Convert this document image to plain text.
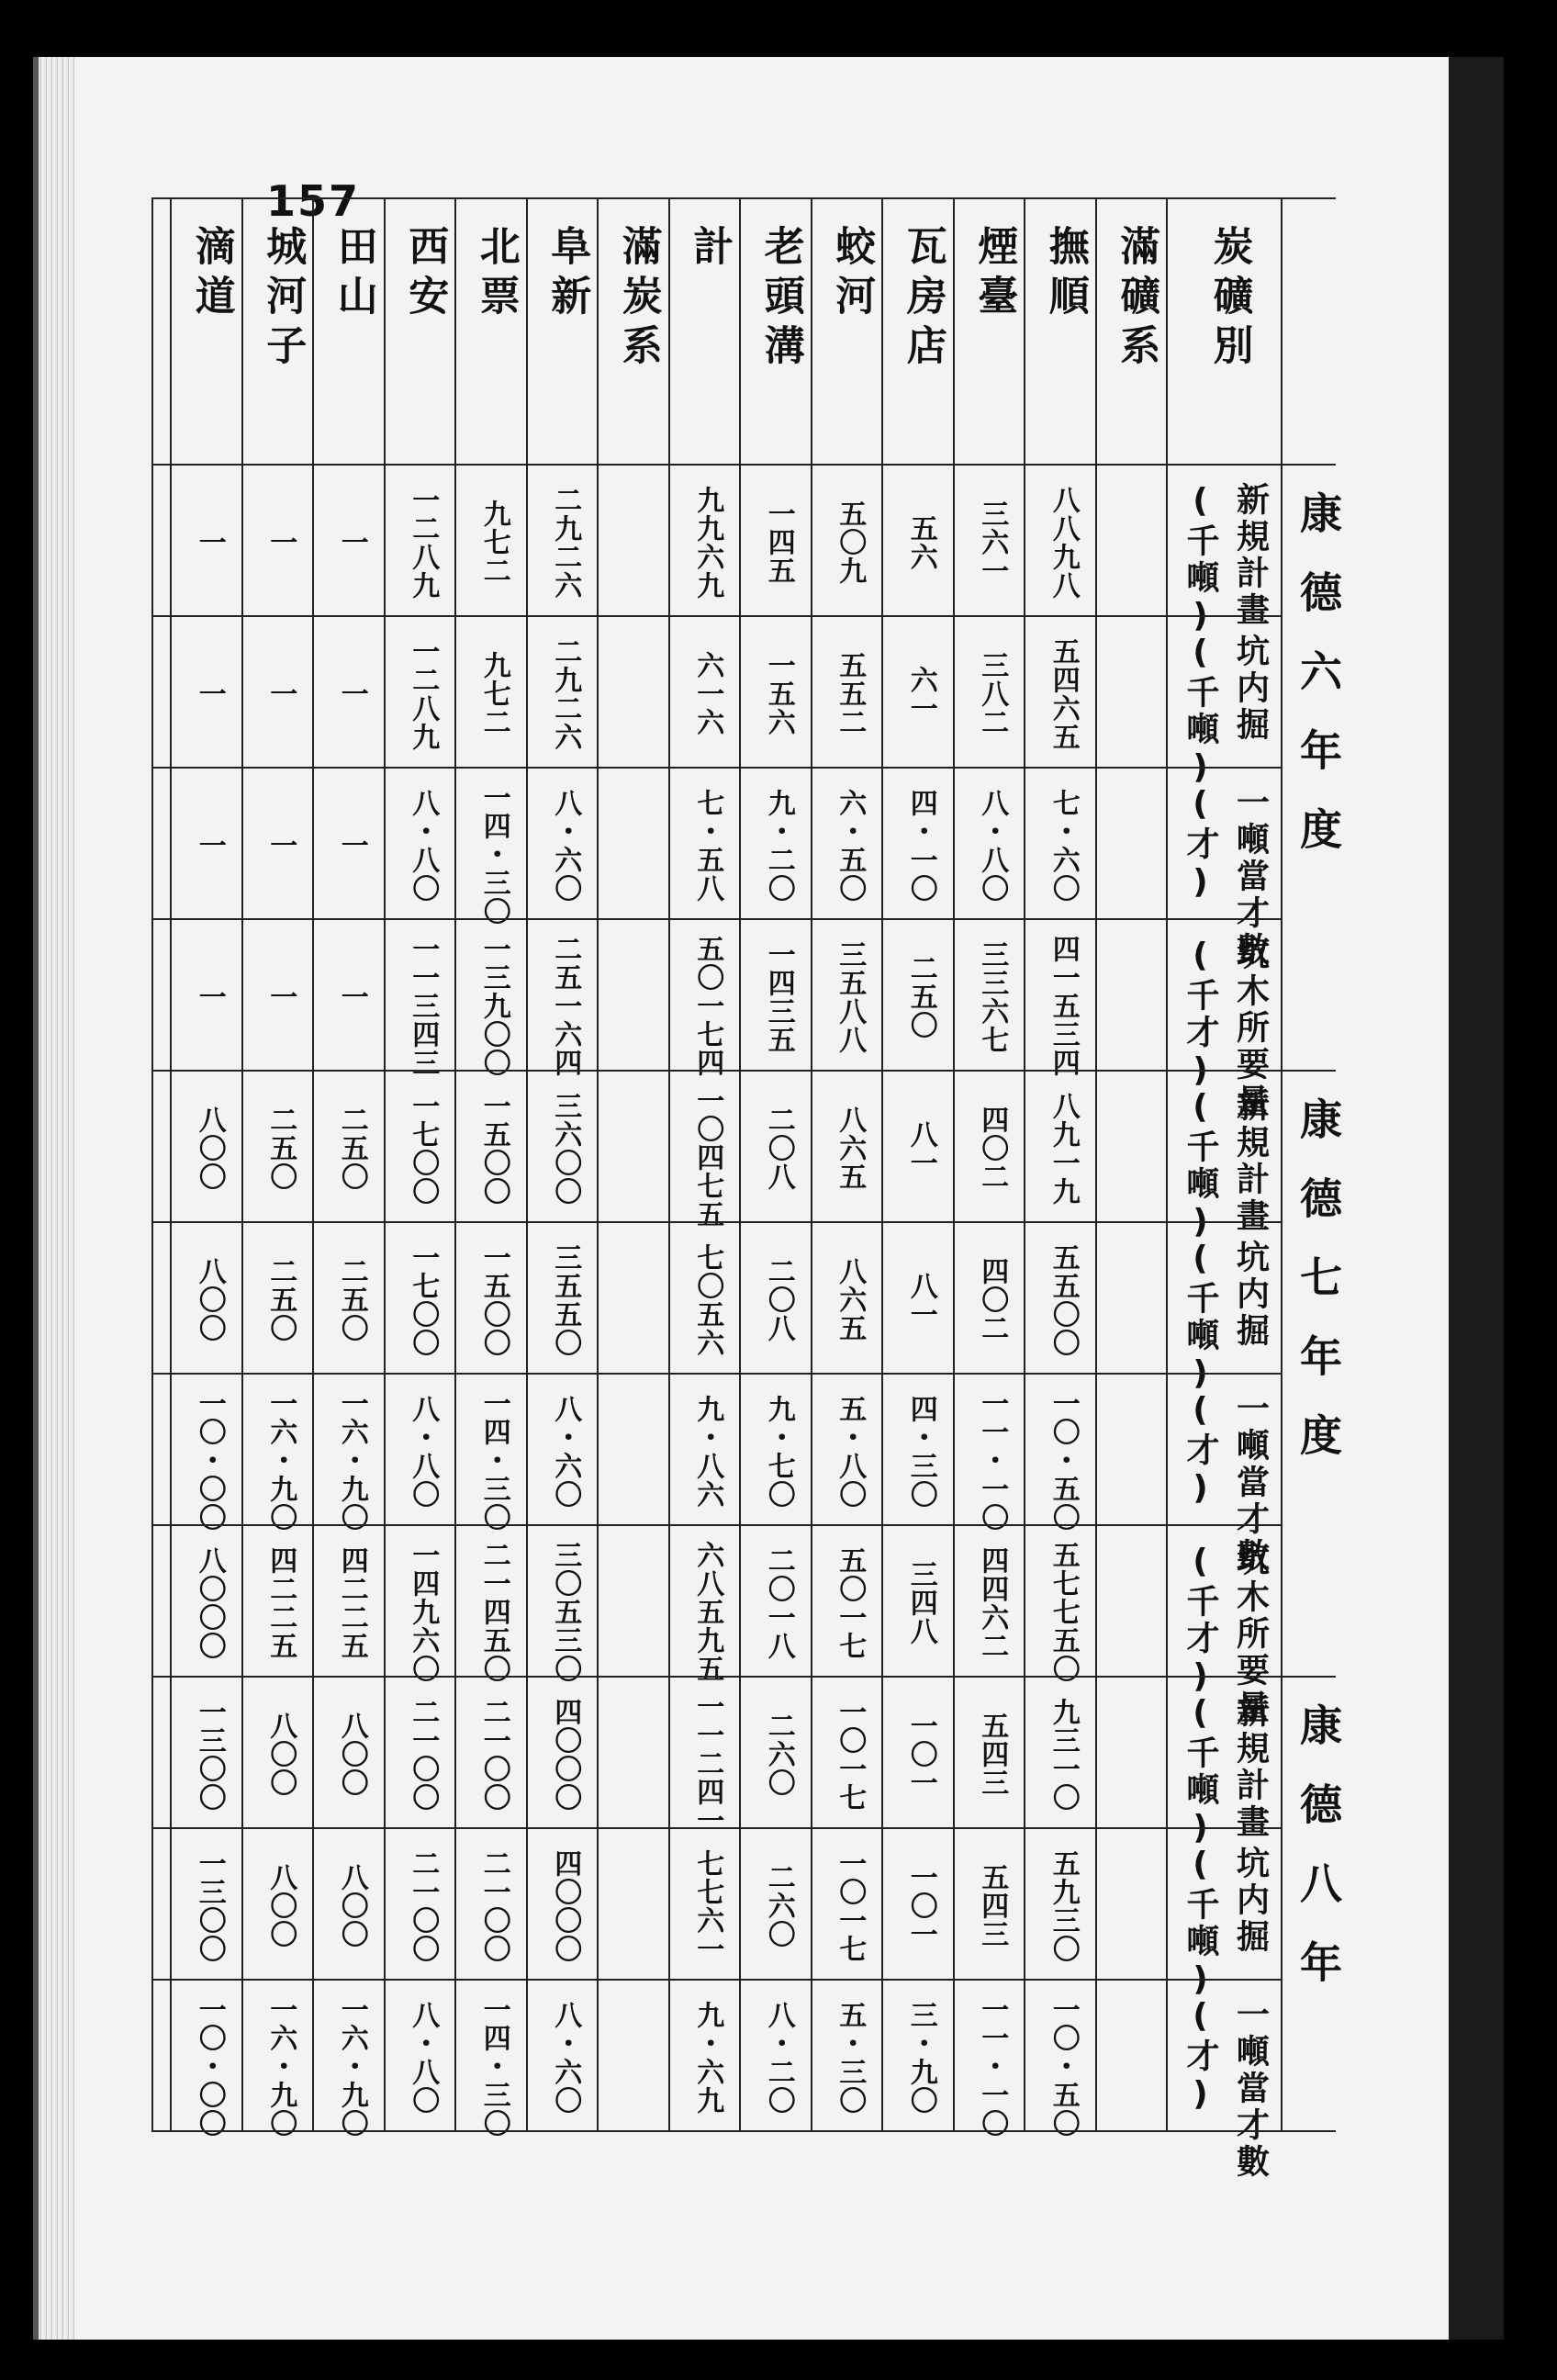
157
滿礦系
撫順
八八九八
五四六五
七・六〇
四一五三四
八九一九
五五〇〇
一〇・五〇
五七七五〇
九三一〇
五九三〇
一〇・五〇
煙臺
三六一
三八二
八・八〇
三三六七
四〇二
四〇二
一一・一〇
四四六二
五四三
五四三
一一・一〇
瓦房店
五六
六一
四・一〇
二五〇
八一
八一
四・三〇
三四八
一〇一
一〇一
三・九〇
蛟河
五〇九
五五二
六・五〇
三五八八
八六五
八六五
五・八〇
五〇一七
一〇一七
一〇一七
五・三〇
老頭溝
一四五
一五六
九・二〇
一四三五
二〇八
二〇八
九・七〇
二〇一八
二六〇
二六〇
八・二〇
計
九九六九
六一六
七・五八
五〇一七四
一〇四七五
七〇五六
九・八六
六八五九五
一一二四一
七七六一
九・六九
滿炭系
阜新
二九二六
二九二六
八・六〇
二五一六四
三六〇〇
三五五〇
八・六〇
三〇五三〇
四〇〇〇
四〇〇〇
八・六〇
北票
九七二
九七二
一四・三〇
一三九〇〇
一五〇〇
一五〇〇
一四・三〇
二一四五〇
二一〇〇
二一〇〇
一四・三〇
西安
一二八九
一二八九
八・八〇
一一三四三
一七〇〇
一七〇〇
八・八〇
一四九六〇
二一〇〇
二一〇〇
八・八〇
田山
一
一
一
一
二五〇
二五〇
一六・九〇
四二二五
八〇〇
八〇〇
一六・九〇
城河子
一
一
一
一
二五〇
二五〇
一六・九〇
四二二五
八〇〇
八〇〇
一六・九〇
滴道
一
一
一
一
八〇〇
八〇〇
一〇・〇〇
八〇〇〇
一三〇〇
一三〇〇
一〇・〇〇
炭礦別
康德六年度
(千噸) 新規計畫
(千噸) 坑内掘
(才) 一噸當才數
(千才) 坑木所要量
康德七年度
(千噸) 新規計畫
(千噸) 坑内掘
(才) 一噸當才數
(千才) 坑木所要量
康德八年
(千噸) 新規計畫
(千噸) 坑内掘
(才) 一噸當才數
